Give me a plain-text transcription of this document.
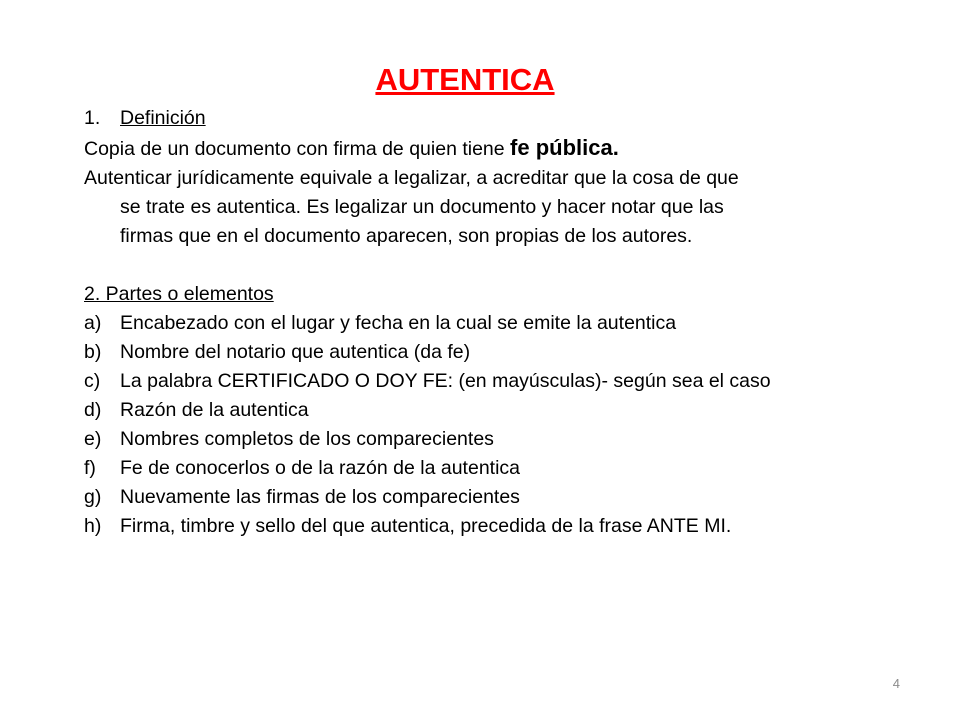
AUTENTICA
1. Definición
Copia de un documento con firma de quien tiene fe pública.
Autenticar jurídicamente equivale a legalizar, a acreditar que la cosa de que
se trate es autentica. Es legalizar un documento y hacer notar que las
firmas que en el documento aparecen, son propias de los autores.
2. Partes o elementos
a) Encabezado con el lugar y fecha en la cual se emite la autentica
b) Nombre del notario que autentica (da fe)
c)	La palabra CERTIFICADO O DOY FE: (en mayúsculas)- según sea el caso
d) Razón de la autentica
e) Nombres completos de los comparecientes
f)	Fe de conocerlos o de la razón de la autentica
g) Nuevamente las firmas de los comparecientes
h) Firma, timbre y sello del que autentica, precedida de la frase ANTE MI.
4
